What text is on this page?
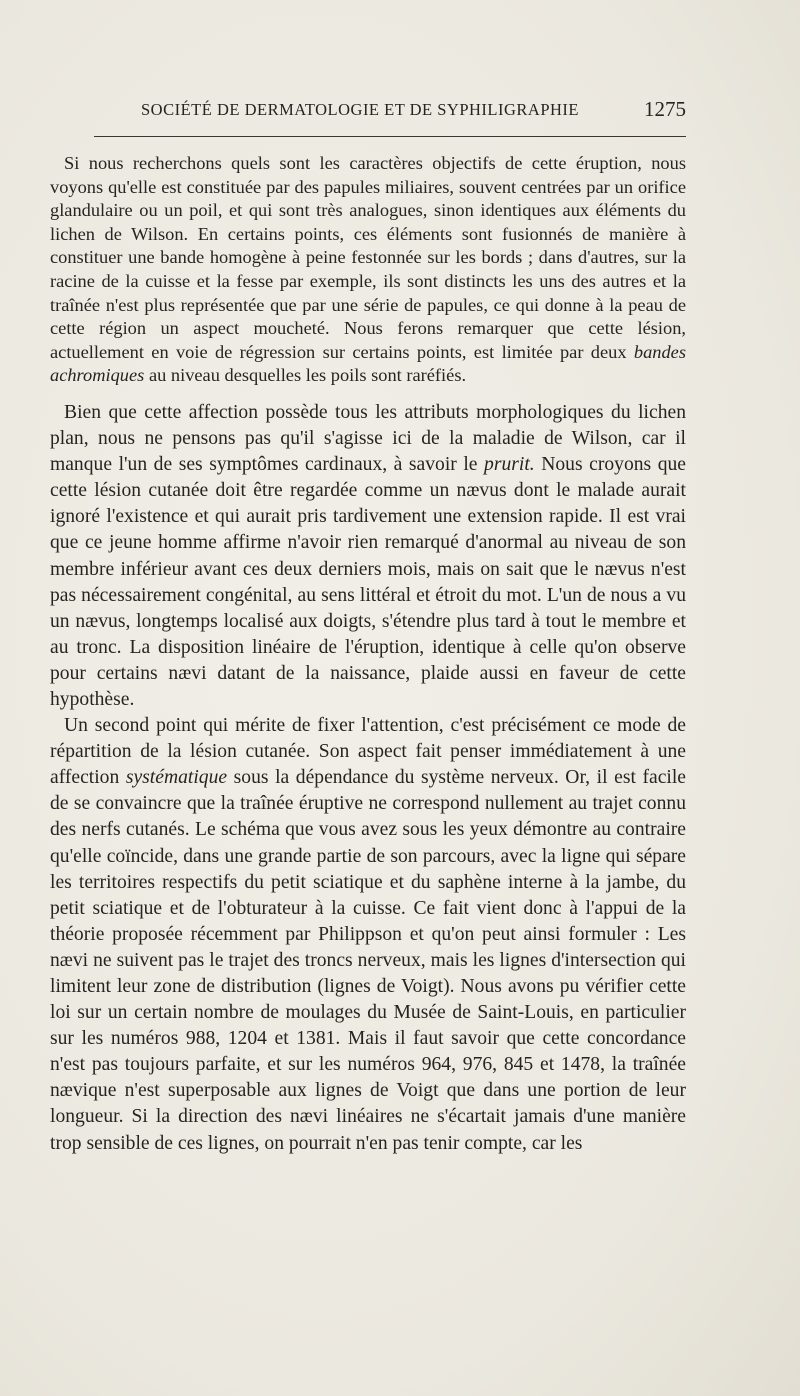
SOCIÉTÉ DE DERMATOLOGIE ET DE SYPHILIGRAPHIE	1275

Si nous recherchons quels sont les caractères objectifs de cette éruption, nous voyons qu'elle est constituée par des papules miliaires, souvent centrées par un orifice glandulaire ou un poil, et qui sont très analogues, sinon identiques aux éléments du lichen de Wilson. En certains points, ces éléments sont fusionnés de manière à constituer une bande homogène à peine festonnée sur les bords ; dans d'autres, sur la racine de la cuisse et la fesse par exemple, ils sont distincts les uns des autres et la traînée n'est plus représentée que par une série de papules, ce qui donne à la peau de cette région un aspect moucheté. Nous ferons remarquer que cette lésion, actuellement en voie de régression sur certains points, est limitée par deux bandes achromiques au niveau desquelles les poils sont raréfiés.

Bien que cette affection possède tous les attributs morphologiques du lichen plan, nous ne pensons pas qu'il s'agisse ici de la maladie de Wilson, car il manque l'un de ses symptômes cardinaux, à savoir le prurit. Nous croyons que cette lésion cutanée doit être regardée comme un nævus dont le malade aurait ignoré l'existence et qui aurait pris tardivement une extension rapide. Il est vrai que ce jeune homme affirme n'avoir rien remarqué d'anormal au niveau de son membre inférieur avant ces deux derniers mois, mais on sait que le nævus n'est pas nécessairement congénital, au sens littéral et étroit du mot. L'un de nous a vu un nævus, longtemps localisé aux doigts, s'étendre plus tard à tout le membre et au tronc. La disposition linéaire de l'éruption, identique à celle qu'on observe pour certains nævi datant de la naissance, plaide aussi en faveur de cette hypothèse.

Un second point qui mérite de fixer l'attention, c'est précisément ce mode de répartition de la lésion cutanée. Son aspect fait penser immédiatement à une affection systématique sous la dépendance du système nerveux. Or, il est facile de se convaincre que la traînée éruptive ne correspond nullement au trajet connu des nerfs cutanés. Le schéma que vous avez sous les yeux démontre au contraire qu'elle coïncide, dans une grande partie de son parcours, avec la ligne qui sépare les territoires respectifs du petit sciatique et du saphène interne à la jambe, du petit sciatique et de l'obturateur à la cuisse. Ce fait vient donc à l'appui de la théorie proposée récemment par Philippson et qu'on peut ainsi formuler : Les nævi ne suivent pas le trajet des troncs nerveux, mais les lignes d'intersection qui limitent leur zone de distribution (lignes de Voigt). Nous avons pu vérifier cette loi sur un certain nombre de moulages du Musée de Saint-Louis, en particulier sur les numéros 988, 1204 et 1381. Mais il faut savoir que cette concordance n'est pas toujours parfaite, et sur les numéros 964, 976, 845 et 1478, la traînée nævique n'est superposable aux lignes de Voigt que dans une portion de leur longueur. Si la direction des nævi linéaires ne s'écartait jamais d'une manière trop sensible de ces lignes, on pourrait n'en pas tenir compte, car les
